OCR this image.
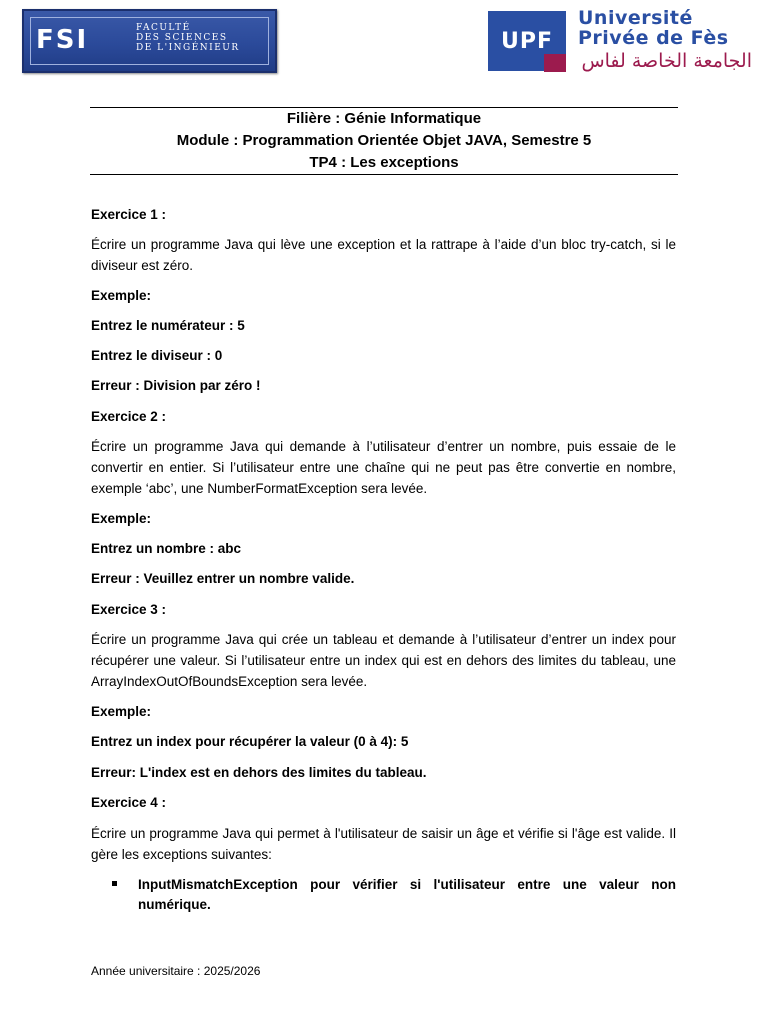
FSI	FACULTÉ
DES SCIENCES
DE L'INGÉNIEUR	UPF
Université
Privée de Fès
الجامعة الخاصة لفاس
Filière : Génie Informatique
Module : Programmation Orientée Objet JAVA, Semestre 5
TP4 : Les exceptions
Exercice 1 :
Écrire un programme Java qui lève une exception et la rattrape à l’aide d’un bloc try-catch, si le diviseur est zéro.
Exemple:
Entrez le numérateur : 5
Entrez le diviseur : 0
Erreur : Division par zéro !
Exercice 2 :
Écrire un programme Java qui demande à l’utilisateur d’entrer un nombre, puis essaie de le convertir en entier. Si l’utilisateur entre une chaîne qui ne peut pas être convertie en nombre, exemple ‘abc’, une NumberFormatException sera levée.
Exemple:
Entrez un nombre : abc
Erreur : Veuillez entrer un nombre valide.
Exercice 3 :
Écrire un programme Java qui crée un tableau et demande à l’utilisateur d’entrer un index pour récupérer une valeur. Si l’utilisateur entre un index qui est en dehors des limites du tableau, une ArrayIndexOutOfBoundsException sera levée.
Exemple:
Entrez un index pour récupérer la valeur (0 à 4): 5
Erreur: L'index est en dehors des limites du tableau.
Exercice 4 :
Écrire un programme Java qui permet à l'utilisateur de saisir un âge et vérifie si l'âge est valide. Il gère les exceptions suivantes:
InputMismatchException pour vérifier si l'utilisateur entre une valeur non numérique.
Année universitaire : 2025/2026
